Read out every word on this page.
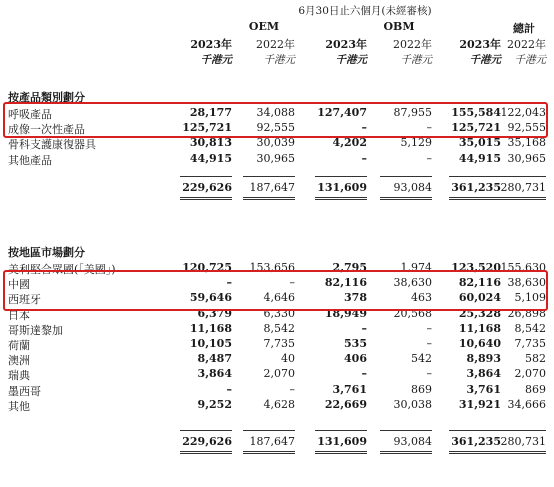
6月30日止六個月(未經審核)
OEM	OBM	總計
2023年	2022年	2023年	2022年	2023年 2022年
千港元	千港元	千港元	千港元	千港元	千港元
按產品類別劃分
呼吸產品	28,177	34,088	127,407	87,955	155,584 122,043
成像一次性產品	125,721	92,555	–	–	125,721 92,555
骨科支護康復器具	30,813	30,039	4,202	5,129	35,015 35,168
其他產品	44,915	30,965	–	–	44,915 30,965
229,626	187,647	131,609	93,084	361,235 280,731
按地區市場劃分
美利堅合眾國(「美國」)	120,725	153,656	2,795	1,974	123,520 155,630
中國	–	–	82,116	38,630	82,116 38,630
西班牙	59,646	4,646	378	463	60,024	5,109
日本	6,379	6,330	18,949	20,568	25,328 26,898
哥斯達黎加	11,168	8,542	–	–	11,168	8,542
荷蘭	10,105	7,735	535	–	10,640	7,735
澳洲	8,487	40	406	542	8,893	582
瑞典	3,864	2,070	–	–	3,864	2,070
墨西哥	–	–	3,761	869	3,761	869
其他	9,252	4,628	22,669	30,038	31,921 34,666
229,626	187,647	131,609	93,084	361,235 280,731
